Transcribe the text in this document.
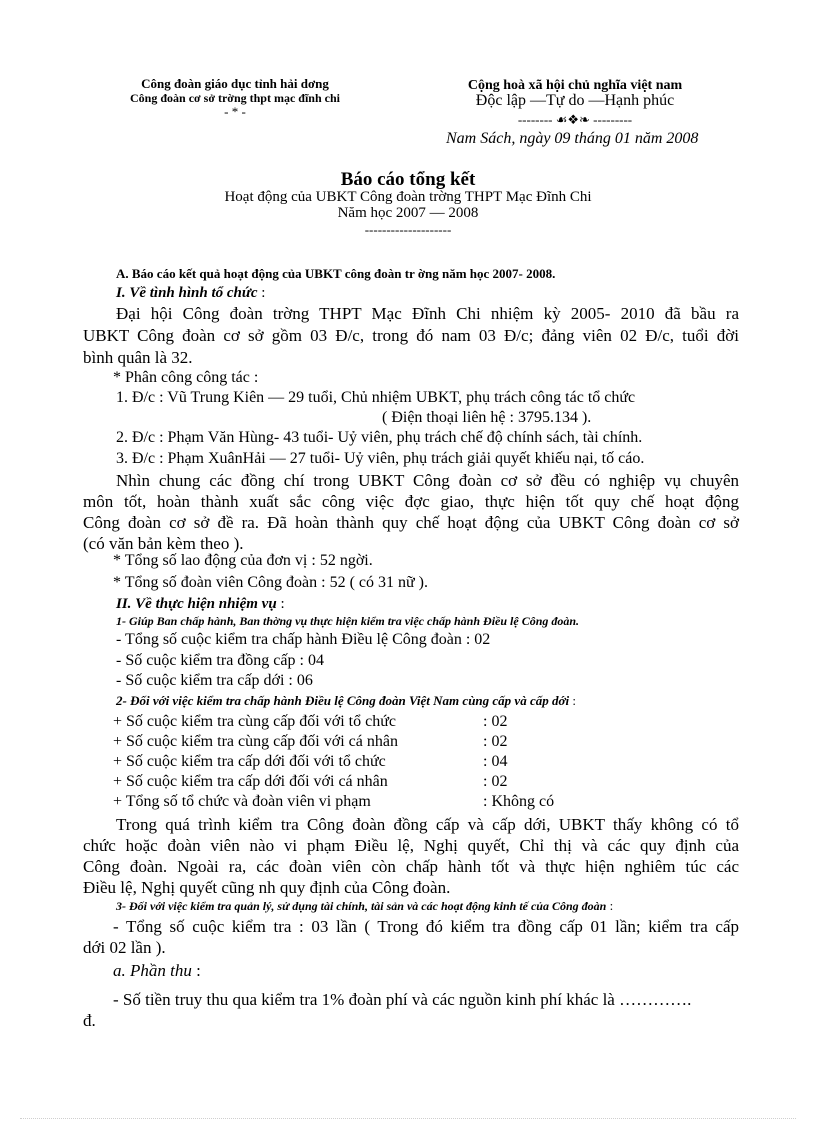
Công đoàn giáo dục tỉnh hải dơng
Công đoàn cơ sở trờng thpt mạc đĩnh chi
- * -
Cộng hoà xã hội chủ nghĩa việt nam
Độc lập —Tự do —Hạnh phúc
-------- ☙❖❧ ---------
Nam Sách, ngày 09 tháng 01 năm 2008
Báo cáo tổng kết
Hoạt động của UBKT Công đoàn trờng THPT Mạc Đĩnh Chi
Năm học 2007 — 2008
--------------------
A. Báo cáo kết quả hoạt động của UBKT công đoàn tr ờng năm học 2007- 2008.
I. Về tình hình tổ chức :
Đại hội Công đoàn trờng THPT Mạc Đĩnh Chi nhiệm kỳ 2005- 2010 đã bầu ra
UBKT Công đoàn cơ sở gồm 03 Đ/c, trong đó nam 03 Đ/c; đảng viên 02 Đ/c, tuổi đời
bình quân là 32.
* Phân công công tác :
1. Đ/c : Vũ Trung Kiên — 29 tuổi, Chủ nhiệm UBKT, phụ trách công tác tổ chức
( Điện thoại liên hệ : 3795.134 ).
2. Đ/c : Phạm Văn Hùng- 43 tuổi- Uỷ viên, phụ trách chế độ chính sách, tài chính.
3. Đ/c : Phạm XuânHải — 27 tuổi- Uỷ viên, phụ trách giải quyết khiếu nại, tố cáo.
Nhìn chung các đồng chí trong UBKT Công đoàn cơ sở đều có nghiệp vụ chuyên
môn tốt, hoàn thành xuất sắc công việc đợc giao, thực hiện tốt quy chế hoạt động
Công đoàn cơ sở đề ra. Đã hoàn thành quy chế hoạt động của UBKT Công đoàn cơ sở
(có văn bản kèm theo ).
* Tổng số lao động của đơn vị : 52 ngời.
* Tổng số đoàn viên Công đoàn : 52 ( có 31 nữ ).
II. Về thực hiện nhiệm vụ :
1- Giúp Ban chấp hành, Ban thờng vụ thực hiện kiểm tra việc chấp hành Điều lệ Công đoàn.
- Tổng số cuộc kiểm tra chấp hành Điều lệ Công đoàn : 02
- Số cuộc kiểm tra đồng cấp : 04
- Số cuộc kiểm tra cấp dới : 06
2- Đối với việc kiểm tra chấp hành Điều lệ Công đoàn Việt Nam cùng cấp và cấp dới :
+ Số cuộc kiểm tra cùng cấp đối với tổ chức	: 02
+ Số cuộc kiểm tra cùng cấp đối với cá nhân	: 02
+ Số cuộc kiểm tra cấp dới đối với tổ chức	: 04
+ Số cuộc kiểm tra cấp dới đối với cá nhân	: 02
+ Tổng số tổ chức và đoàn viên vi phạm	: Không có
Trong quá trình kiểm tra Công đoàn đồng cấp và cấp dới, UBKT thấy không có tổ
chức hoặc đoàn viên nào vi phạm Điều lệ, Nghị quyết, Chỉ thị và các quy định của
Công đoàn. Ngoài ra, các đoàn viên còn chấp hành tốt và thực hiện nghiêm túc các
Điều lệ, Nghị quyết cũng nh quy định của Công đoàn.
3- Đối với việc kiểm tra quản lý, sử dụng tài chính, tài sản và các hoạt động kinh tế của Công đoàn :
- Tổng số cuộc kiểm tra : 03 lần ( Trong đó kiểm tra đồng cấp 01 lần; kiểm tra cấp
dới 02 lần ).
a. Phần thu :
- Số tiền truy thu qua kiểm tra 1% đoàn phí và các nguồn kinh phí khác là ………….
đ.
